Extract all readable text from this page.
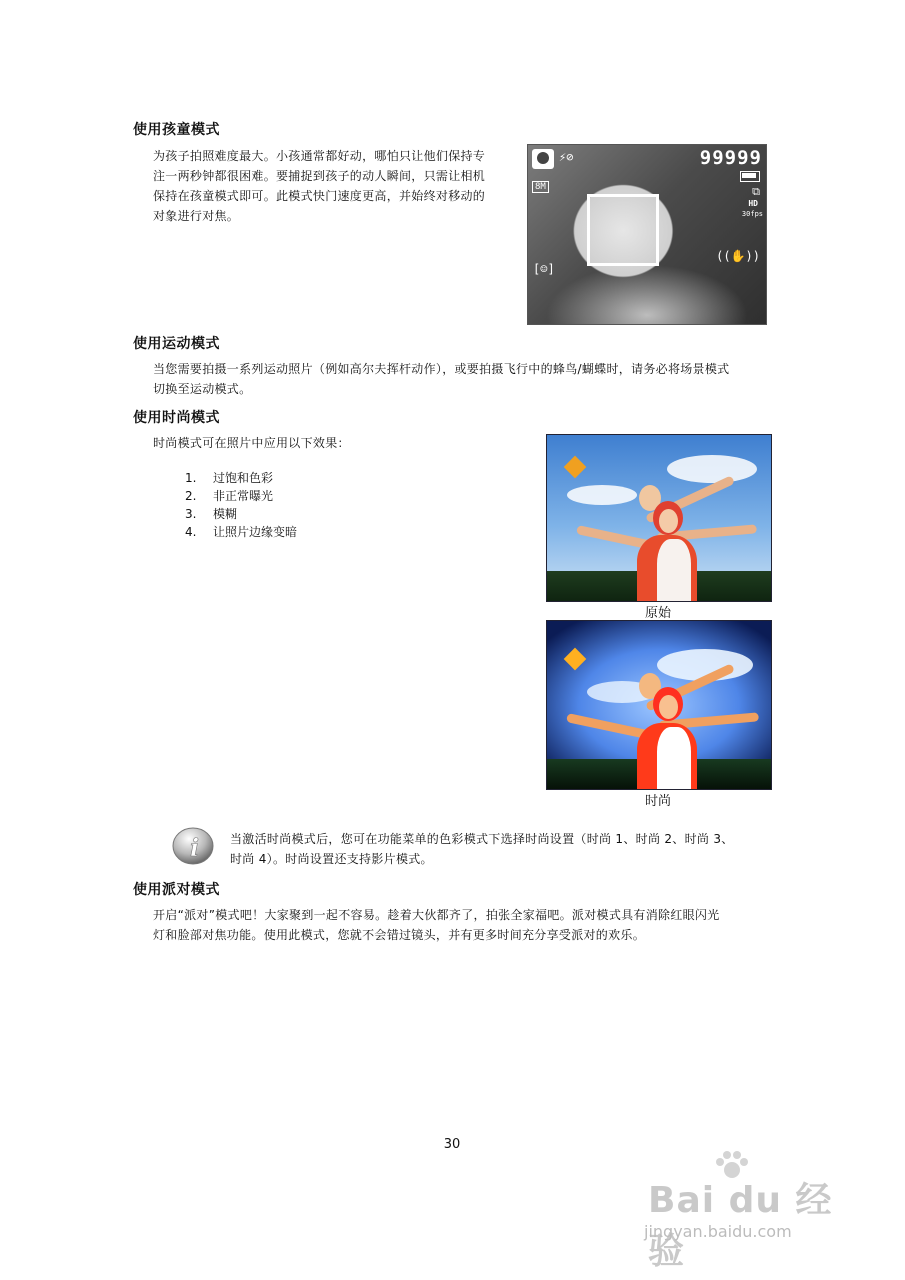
使用孩童模式

为孩子拍照难度最大。小孩通常都好动，哪怕只让他们保持专
注一两秒钟都很困难。要捕捉到孩子的动人瞬间，只需让相机
保持在孩童模式即可。此模式快门速度更高，并始终对移动的
对象进行对焦。

⚡⊘	99999
8M	⧉
HD
30fps
[☺]
((✋))
使用运动模式

当您需要拍摄一系列运动照片（例如高尔夫挥杆动作），或要拍摄飞行中的蜂鸟/蝴蝶时，请务必将场景模式
切换至运动模式。

使用时尚模式

时尚模式可在照片中应用以下效果：

1. 过饱和色彩
2. 非正常曝光
3. 模糊
4. 让照片边缘变暗
原始
时尚
i	当激活时尚模式后，您可在功能菜单的色彩模式下选择时尚设置（时尚 1、时尚 2、时尚 3、
时尚 4）。时尚设置还支持影片模式。

使用派对模式

开启“派对”模式吧！大家聚到一起不容易。趁着大伙都齐了，拍张全家福吧。派对模式具有消除红眼闪光
灯和脸部对焦功能。使用此模式，您就不会错过镜头，并有更多时间充分享受派对的欢乐。

30
Bai du 经验
jingyan.baidu.com
